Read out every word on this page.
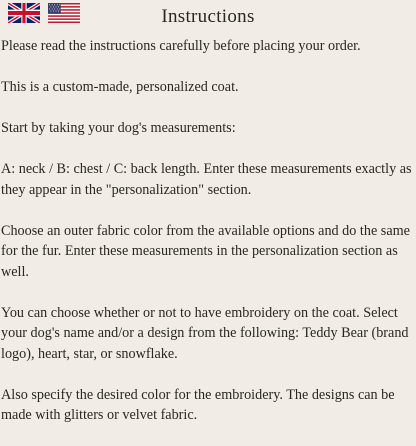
Instructions

Please read the instructions carefully before placing your order.

This is a custom-made, personalized coat.

Start by taking your dog's measurements:

A: neck / B: chest / C: back length. Enter these measurements exactly as they appear in the "personalization" section.

Choose an outer fabric color from the available options and do the same for the fur. Enter these measurements in the personalization section as well.

You can choose whether or not to have embroidery on the coat. Select your dog's name and/or a design from the following: Teddy Bear (brand logo), heart, star, or snowflake.

Also specify the desired color for the embroidery. The designs can be made with glitters or velvet fabric.
